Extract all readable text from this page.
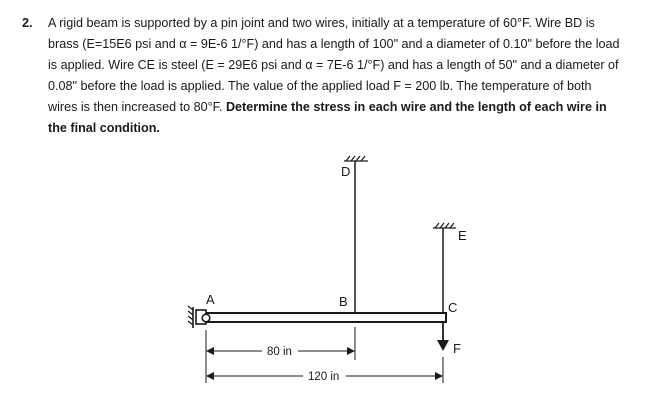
2. A rigid beam is supported by a pin joint and two wires, initially at a temperature of 60°F. Wire BD is
brass (E=15E6 psi and α = 9E-6 1/°F) and has a length of 100" and a diameter of 0.10" before the load
is applied. Wire CE is steel (E = 29E6 psi and α = 7E-6 1/°F) and has a length of 50" and a diameter of
0.08" before the load is applied. The value of the applied load F = 200 lb. The temperature of both
wires is then increased to 80°F. Determine the stress in each wire and the length of each wire in
the final condition.
D
E
A	B	C
F
80 in
120 in
